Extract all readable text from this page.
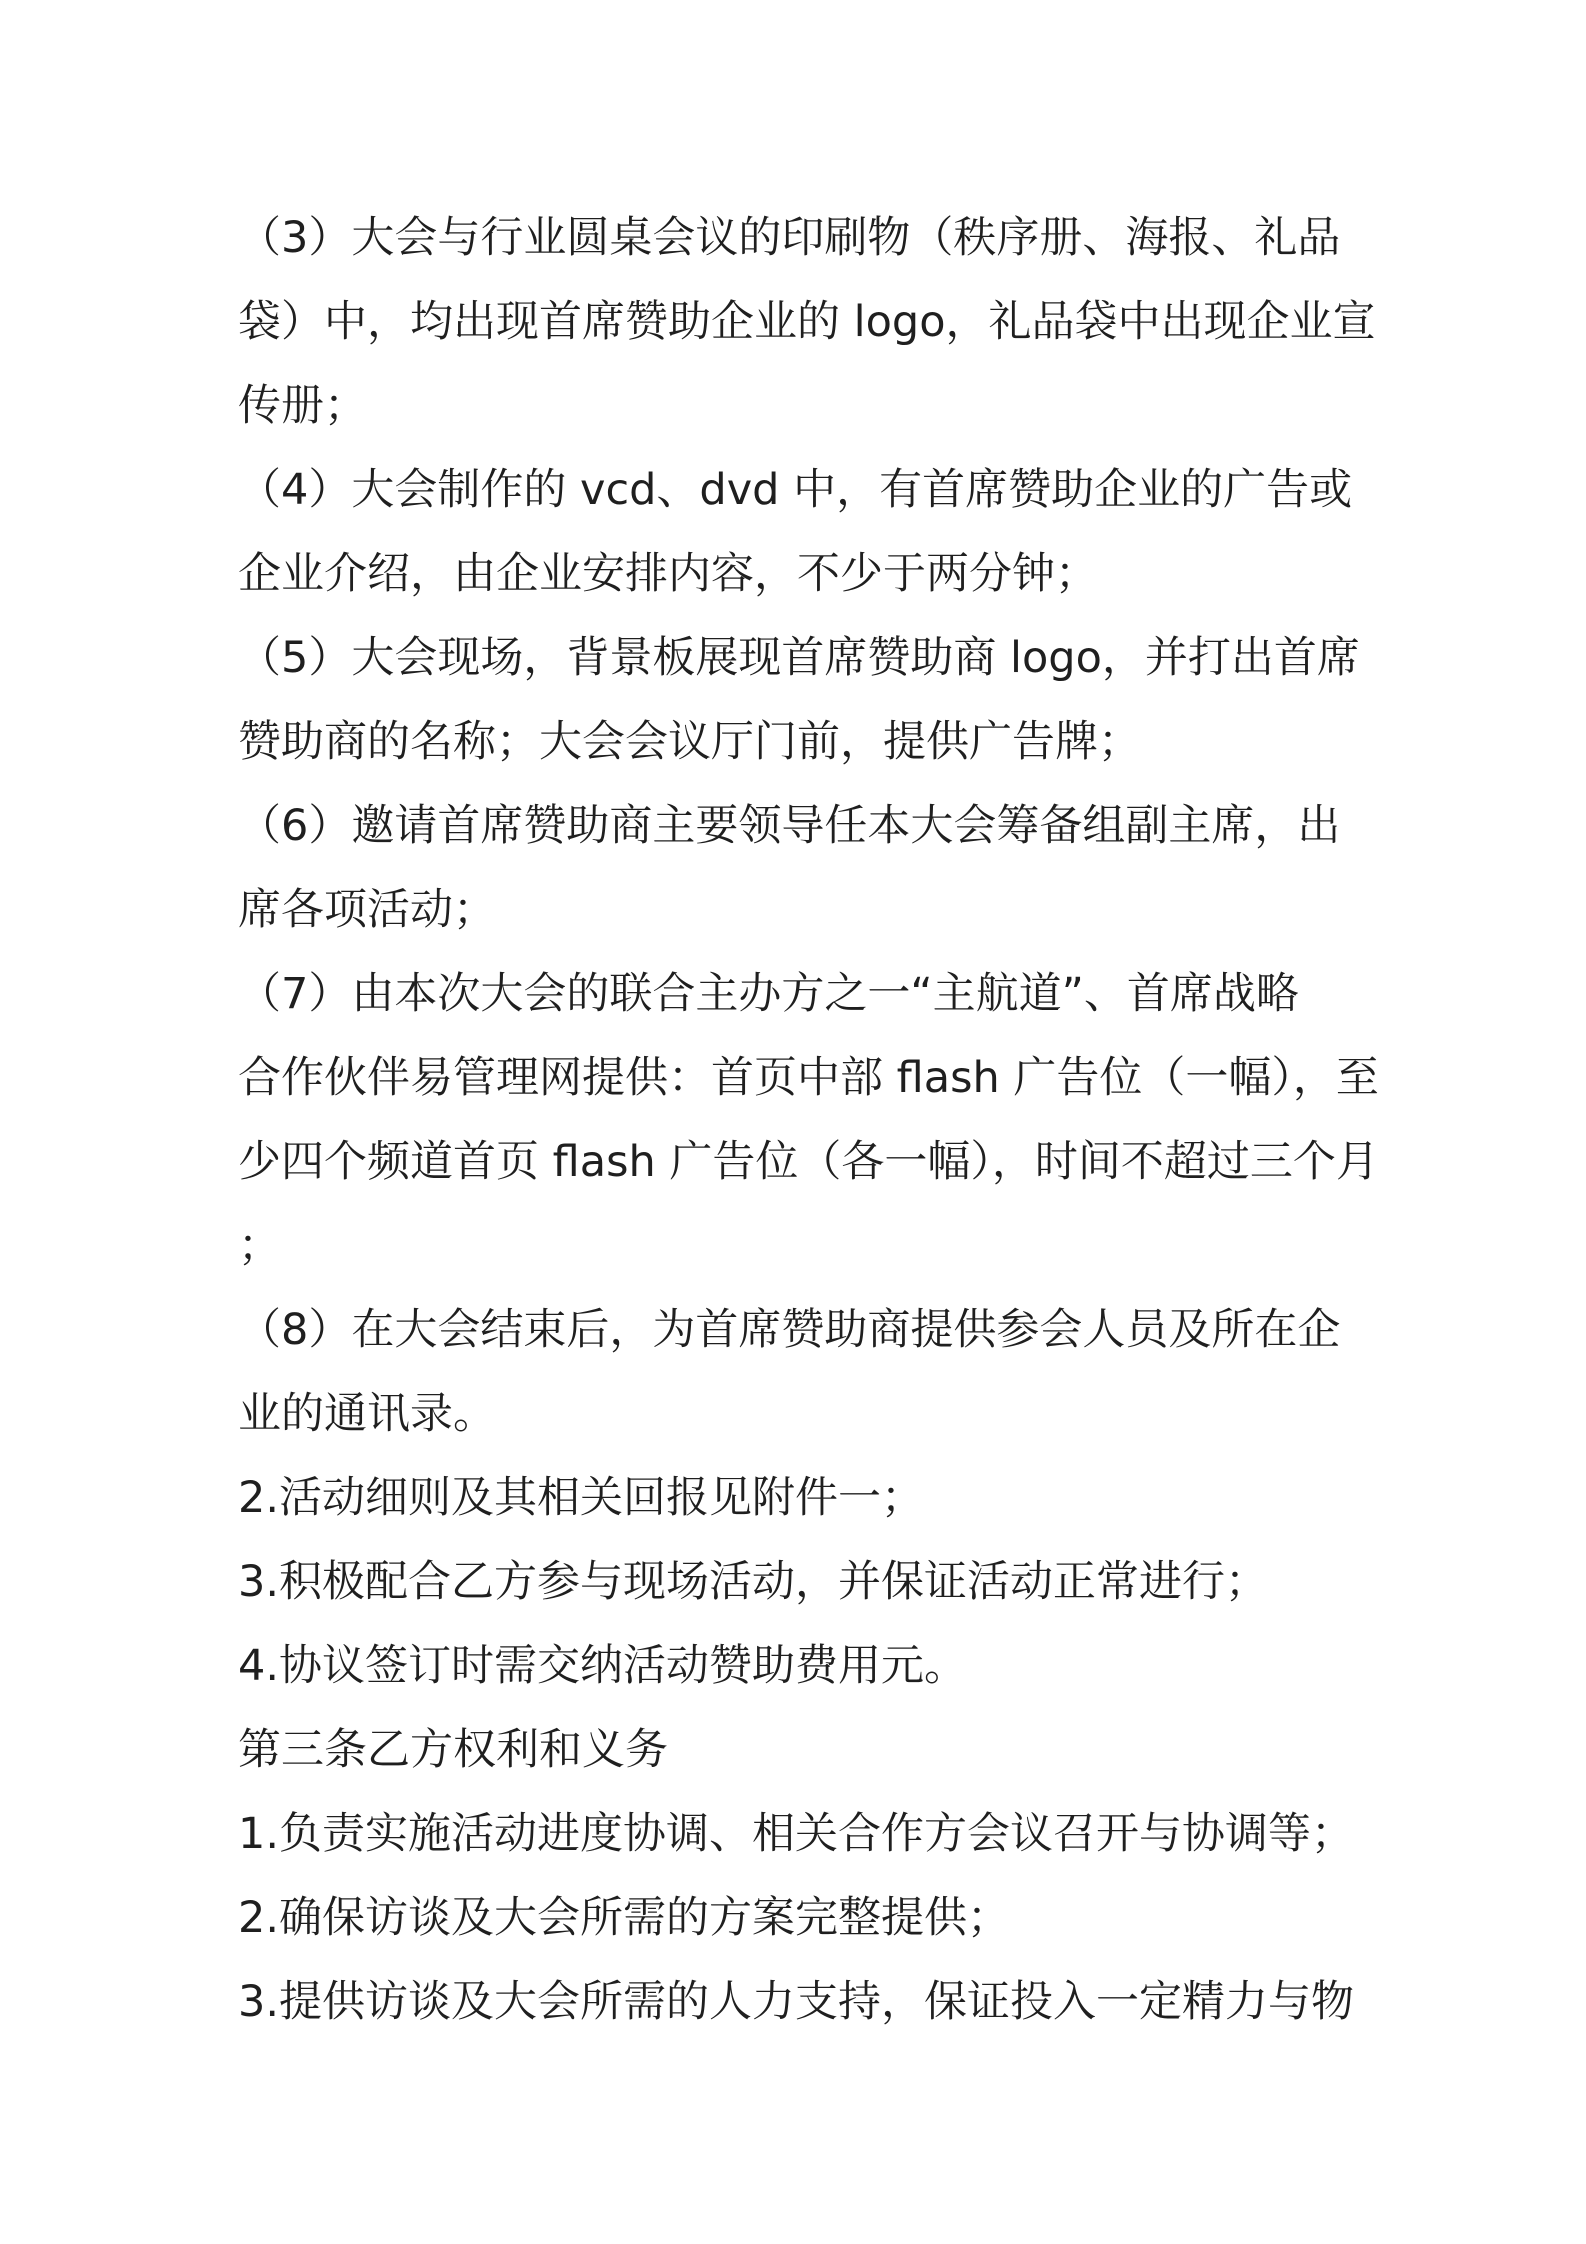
（3）大会与行业圆桌会议的印刷物（秩序册、海报、礼品
袋）中，均出现首席赞助企业的 logo，礼品袋中出现企业宣
传册；
（4）大会制作的 vcd、dvd 中，有首席赞助企业的广告或
企业介绍，由企业安排内容，不少于两分钟；
（5）大会现场，背景板展现首席赞助商 logo，并打出首席
赞助商的名称；大会会议厅门前，提供广告牌；
（6）邀请首席赞助商主要领导任本大会筹备组副主席，出
席各项活动；
（7）由本次大会的联合主办方之一“主航道”、首席战略
合作伙伴易管理网提供：首页中部 flash 广告位（一幅），至
少四个频道首页 flash 广告位（各一幅），时间不超过三个月
；
（8）在大会结束后，为首席赞助商提供参会人员及所在企
业的通讯录。
2.活动细则及其相关回报见附件一；
3.积极配合乙方参与现场活动，并保证活动正常进行；
4.协议签订时需交纳活动赞助费用元。
第三条乙方权利和义务
1.负责实施活动进度协调、相关合作方会议召开与协调等；
2.确保访谈及大会所需的方案完整提供；
3.提供访谈及大会所需的人力支持，保证投入一定精力与物
